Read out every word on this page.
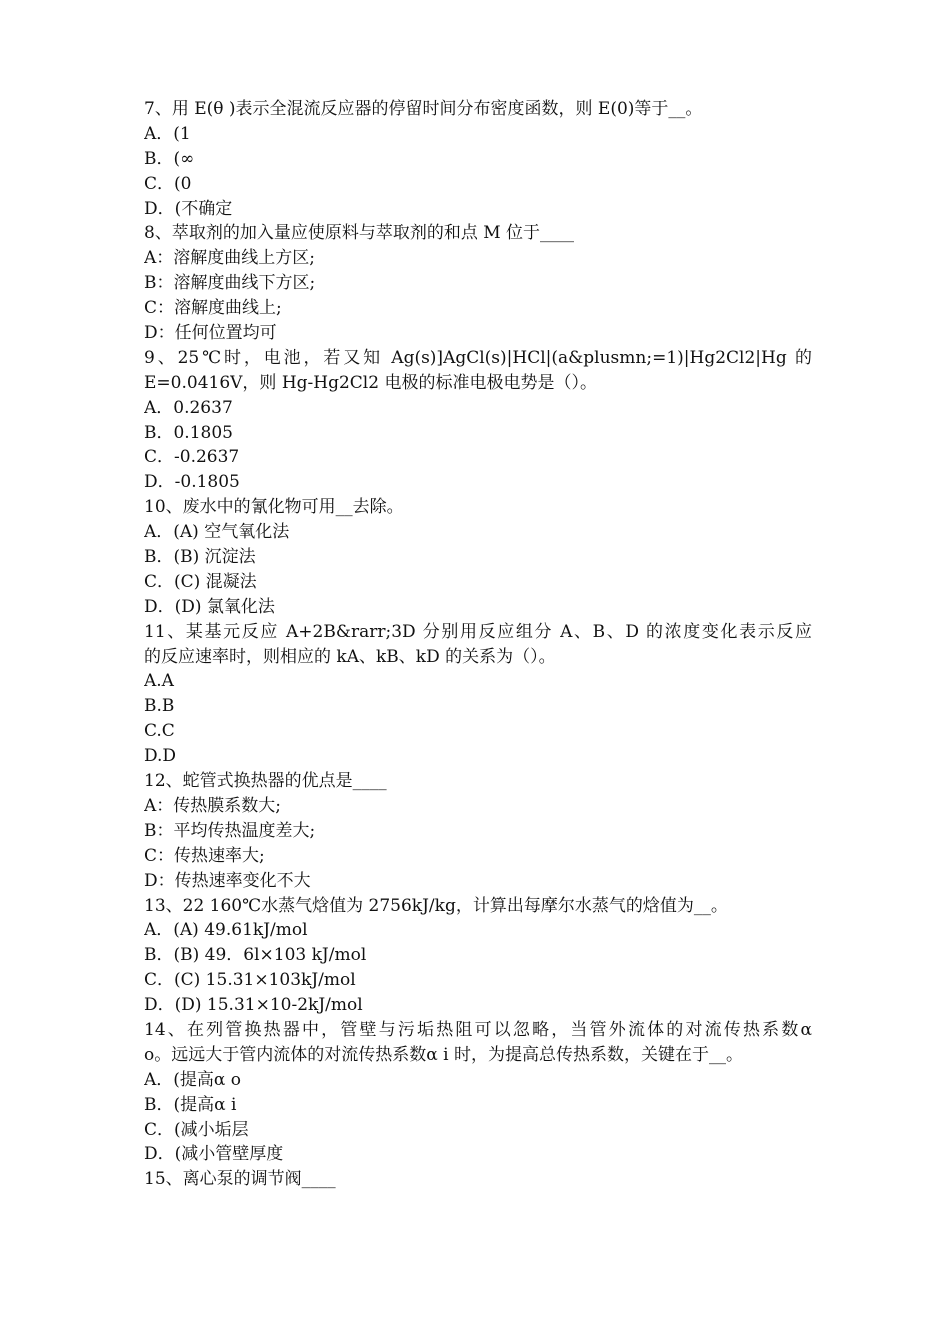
7、用 E(θ )表示全混流反应器的停留时间分布密度函数，则 E(0)等于__。
A．(1
B．(∞
C．(0
D．(不确定
8、萃取剂的加入量应使原料与萃取剂的和点 M 位于____
A：溶解度曲线上方区;
B：溶解度曲线下方区;
C：溶解度曲线上;
D：任何位置均可
9、25℃时，电池，若又知 Ag(s)]AgCl(s)|HCl|(a&plusmn;=1)|Hg2Cl2|Hg 的
E=0.0416V，则 Hg-Hg2Cl2 电极的标准电极电势是（）。
A．0.2637
B．0.1805
C．-0.2637
D．-0.1805
10、废水中的氰化物可用__去除。
A．(A) 空气氧化法
B．(B) 沉淀法
C．(C) 混凝法
D．(D) 氯氧化法
11、某基元反应 A+2B&rarr;3D 分别用反应组分 A、B、D 的浓度变化表示反应
的反应速率时，则相应的 kA、kB、kD 的关系为（）。
A.A
B.B
C.C
D.D
12、蛇管式换热器的优点是____
A：传热膜系数大;
B：平均传热温度差大;
C：传热速率大;
D：传热速率变化不大
13、22 160℃水蒸气焓值为 2756kJ/kg，计算出每摩尔水蒸气的焓值为__。
A．(A) 49.61kJ/mol
B．(B) 49．6l×103 kJ/mol
C．(C) 15.31×103kJ/mol
D．(D) 15.31×10-2kJ/mol
14、在列管换热器中，管壁与污垢热阻可以忽略，当管外流体的对流传热系数α
o。远远大于管内流体的对流传热系数α i 时，为提高总传热系数，关键在于__。
A．(提高α o
B．(提高α i
C．(减小垢层
D．(减小管壁厚度
15、离心泵的调节阀____
